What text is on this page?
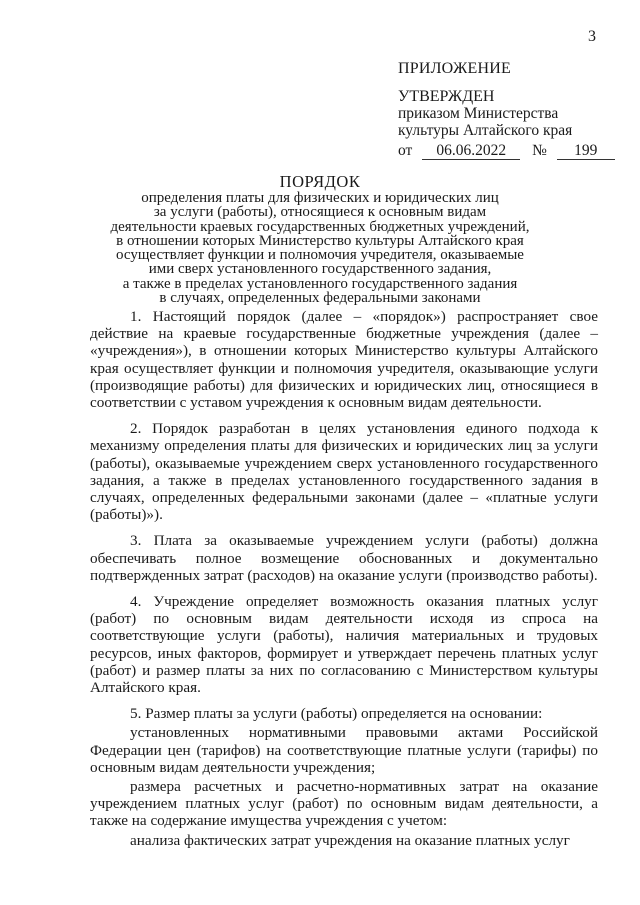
3
ПРИЛОЖЕНИЕ
УТВЕРЖДЕН
приказом Министерства
культуры Алтайского края
от 06.06.2022 № 199
ПОРЯДОК
определения платы для физических и юридических лиц
за услуги (работы), относящиеся к основным видам
деятельности краевых государственных бюджетных учреждений,
в отношении которых Министерство культуры Алтайского края
осуществляет функции и полномочия учредителя, оказываемые
ими сверх установленного государственного задания,
а также в пределах установленного государственного задания
в случаях, определенных федеральными законами

1. Настоящий порядок (далее – «порядок») распространяет свое действие на краевые государственные бюджетные учреждения (далее – «учреждения»), в отношении которых Министерство культуры Алтайского края осуществляет функции и полномочия учредителя, оказывающие услуги (производящие работы) для физических и юридических лиц, относящиеся в соответствии с уставом учреждения к основным видам деятельности.

2. Порядок разработан в целях установления единого подхода к механизму определения платы для физических и юридических лиц за услуги (работы), оказываемые учреждением сверх установленного государственного задания, а также в пределах установленного государственного задания в случаях, определенных федеральными законами (далее – «платные услуги (работы)»).

3. Плата за оказываемые учреждением услуги (работы) должна обеспечивать полное возмещение обоснованных и документально подтвержденных затрат (расходов) на оказание услуги (производство работы).

4. Учреждение определяет возможность оказания платных услуг (работ) по основным видам деятельности исходя из спроса на соответствующие услуги (работы), наличия материальных и трудовых ресурсов, иных факторов, формирует и утверждает перечень платных услуг (работ) и размер платы за них по согласованию с Министерством культуры Алтайского края.

5. Размер платы за услуги (работы) определяется на основании:

установленных нормативными правовыми актами Российской Федерации цен (тарифов) на соответствующие платные услуги (тарифы) по основным видам деятельности учреждения;

размера расчетных и расчетно-нормативных затрат на оказание учреждением платных услуг (работ) по основным видам деятельности, а также на содержание имущества учреждения с учетом:

анализа фактических затрат учреждения на оказание платных услуг
